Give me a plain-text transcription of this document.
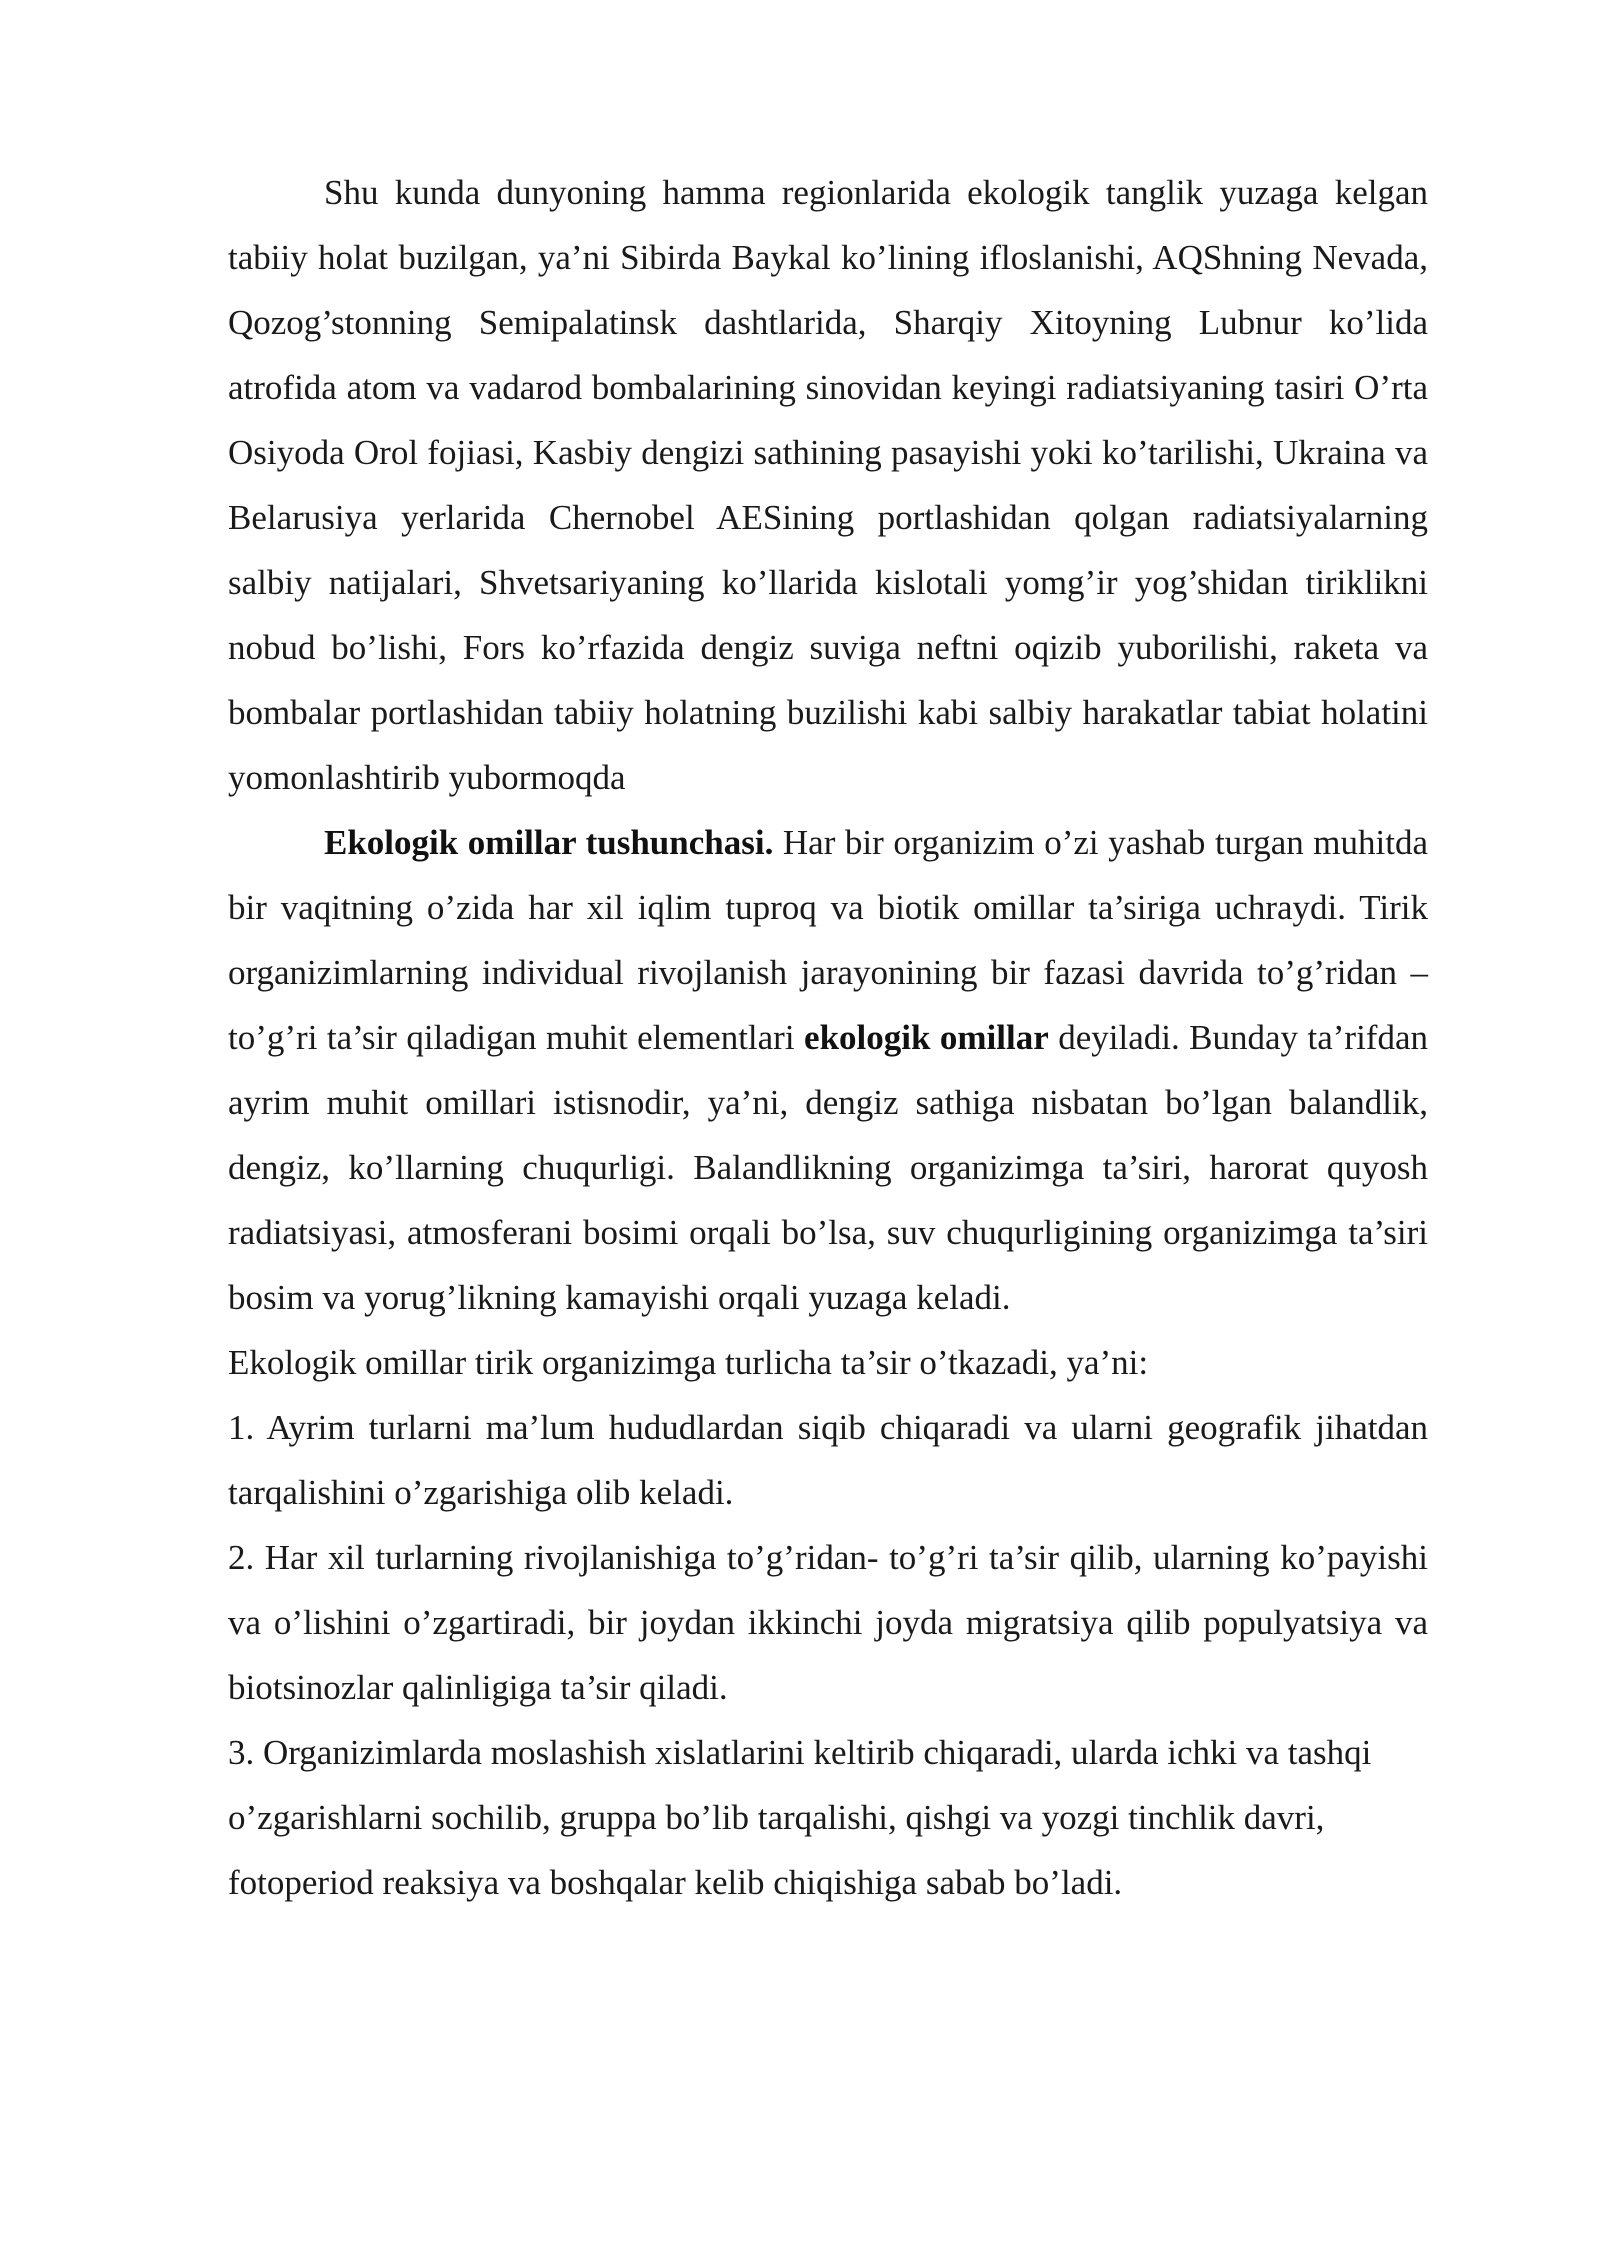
Shu kunda dunyoning hamma regionlarida ekologik tanglik yuzaga kelgan tabiiy holat buzilgan, ya’ni Sibirda Baykal ko’lining ifloslanishi, AQShning Nevada, Qozog’stonning Semipalatinsk dashtlarida, Sharqiy Xitoyning Lubnur ko’lida atrofida atom va vadarod bombalarining sinovidan keyingi radiatsiyaning tasiri O’rta Osiyoda Orol fojiasi, Kasbiy dengizi sathining pasayishi yoki ko’tarilishi, Ukraina va Belarusiya yerlarida Chernobel AESining portlashidan qolgan radiatsiyalarning salbiy natijalari, Shvetsariyaning ko’llarida kislotali yomg’ir yog’shidan tiriklikni nobud bo’lishi, Fors ko’rfazida dengiz suviga neftni oqizib yuborilishi, raketa va bombalar portlashidan tabiiy holatning buzilishi kabi salbiy harakatlar tabiat holatini yomonlashtirib yubormoqda

Ekologik omillar tushunchasi. Har bir organizim o’zi yashab turgan muhitda bir vaqitning o’zida har xil iqlim tuproq va biotik omillar ta’siriga uchraydi. Tirik organizimlarning individual rivojlanish jarayonining bir fazasi davrida to’g’ridan –to’g’ri ta’sir qiladigan muhit elementlari ekologik omillar deyiladi. Bunday ta’rifdan ayrim muhit omillari istisnodir, ya’ni, dengiz sathiga nisbatan bo’lgan balandlik, dengiz, ko’llarning chuqurligi. Balandlikning organizimga ta’siri, harorat quyosh radiatsiyasi, atmosferani bosimi orqali bo’lsa, suv chuqurligining organizimga ta’siri bosim va yorug’likning kamayishi orqali yuzaga keladi.

Ekologik omillar tirik organizimga turlicha ta’sir o’tkazadi, ya’ni:

1. Ayrim turlarni ma’lum hududlardan siqib chiqaradi va ularni geografik jihatdan tarqalishini o’zgarishiga olib keladi.

2. Har xil turlarning rivojlanishiga to’g’ridan- to’g’ri ta’sir qilib, ularning ko’payishi va o’lishini o’zgartiradi, bir joydan ikkinchi joyda migratsiya qilib populyatsiya va biotsinozlar qalinligiga ta’sir qiladi.

3. Organizimlarda moslashish xislatlarini keltirib chiqaradi, ularda ichki va tashqi o’zgarishlarni sochilib, gruppa bo’lib tarqalishi, qishgi va yozgi tinchlik davri, fotoperiod reaksiya va boshqalar kelib chiqishiga sabab bo’ladi.
